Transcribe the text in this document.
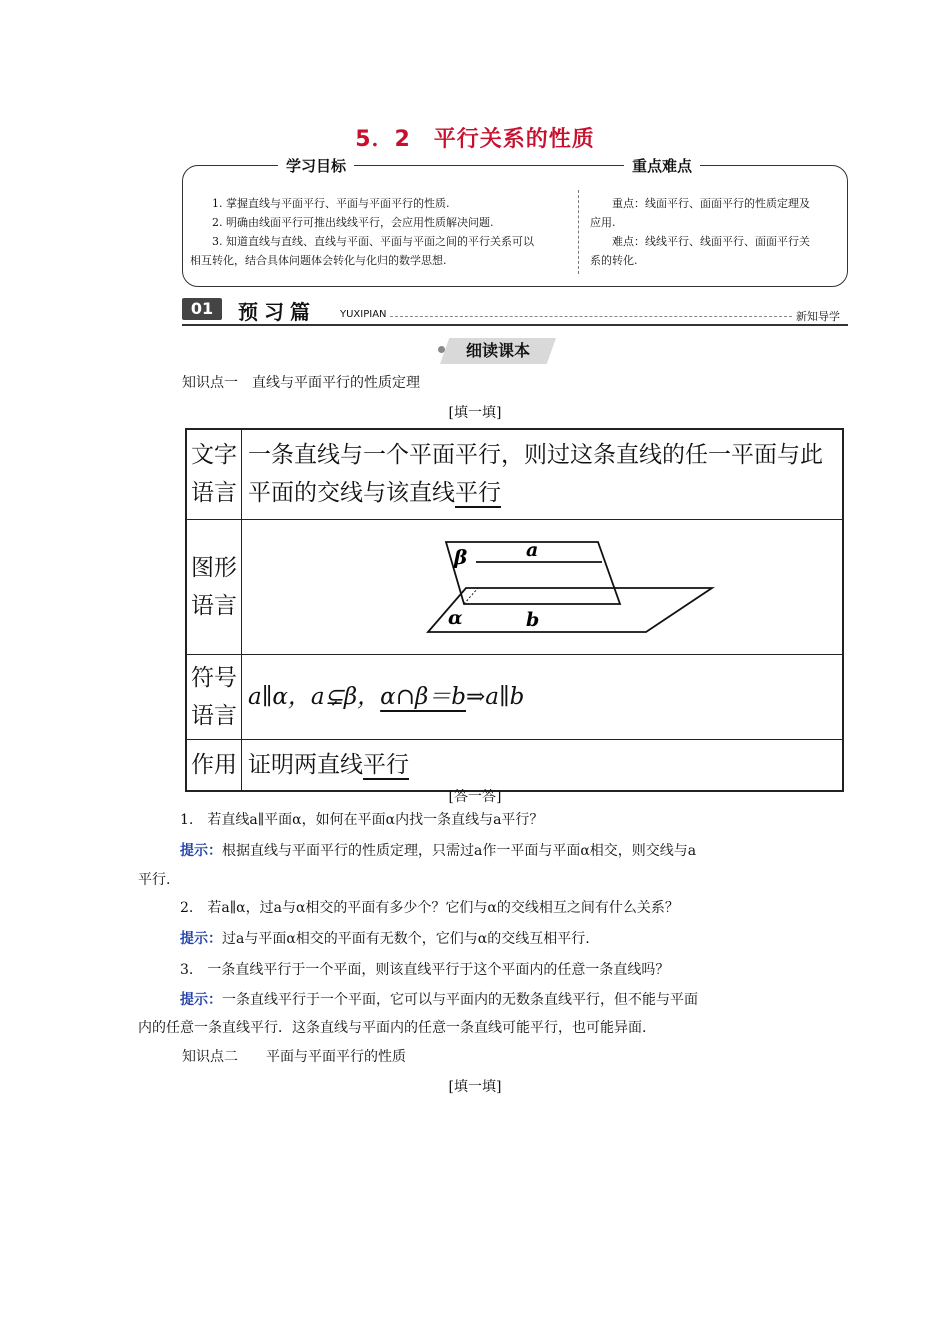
5．2　平行关系的性质
学习目标	重点难点
1. 掌握直线与平面平行、平面与平面平行的性质.
2. 明确由线面平行可推出线线平行，会应用性质解决问题.
3. 知道直线与直线、直线与平面、平面与平面之间的平行关系可以
相互转化，结合具体问题体会转化与化归的数学思想.
重点：线面平行、面面平行的性质定理及
应用.
难点：线线平行、线面平行、面面平行关
系的转化.
01	预习篇 YUXIPIAN	新知导学
细读课本
知识点一　直线与平面平行的性质定理
[填一填]
文字语言	一条直线与一个平面平行，则过这条直线的任一平面与此平面的交线与该直线平行
图形语言	β a
α b

符号语言	a∥α，a⊊β，α∩β＝b⇒a∥b
作用	证明两直线平行
[答一答]
1.　若直线a∥平面α，如何在平面α内找一条直线与a平行？
提示：根据直线与平面平行的性质定理，只需过a作一平面与平面α相交，则交线与a
平行.
2.　若a∥α，过a与α相交的平面有多少个？它们与α的交线相互之间有什么关系？
提示：过a与平面α相交的平面有无数个，它们与α的交线互相平行.
3.　一条直线平行于一个平面，则该直线平行于这个平面内的任意一条直线吗？
提示：一条直线平行于一个平面，它可以与平面内的无数条直线平行，但不能与平面
内的任意一条直线平行．这条直线与平面内的任意一条直线可能平行，也可能异面.
知识点二　　平面与平面平行的性质
[填一填]
